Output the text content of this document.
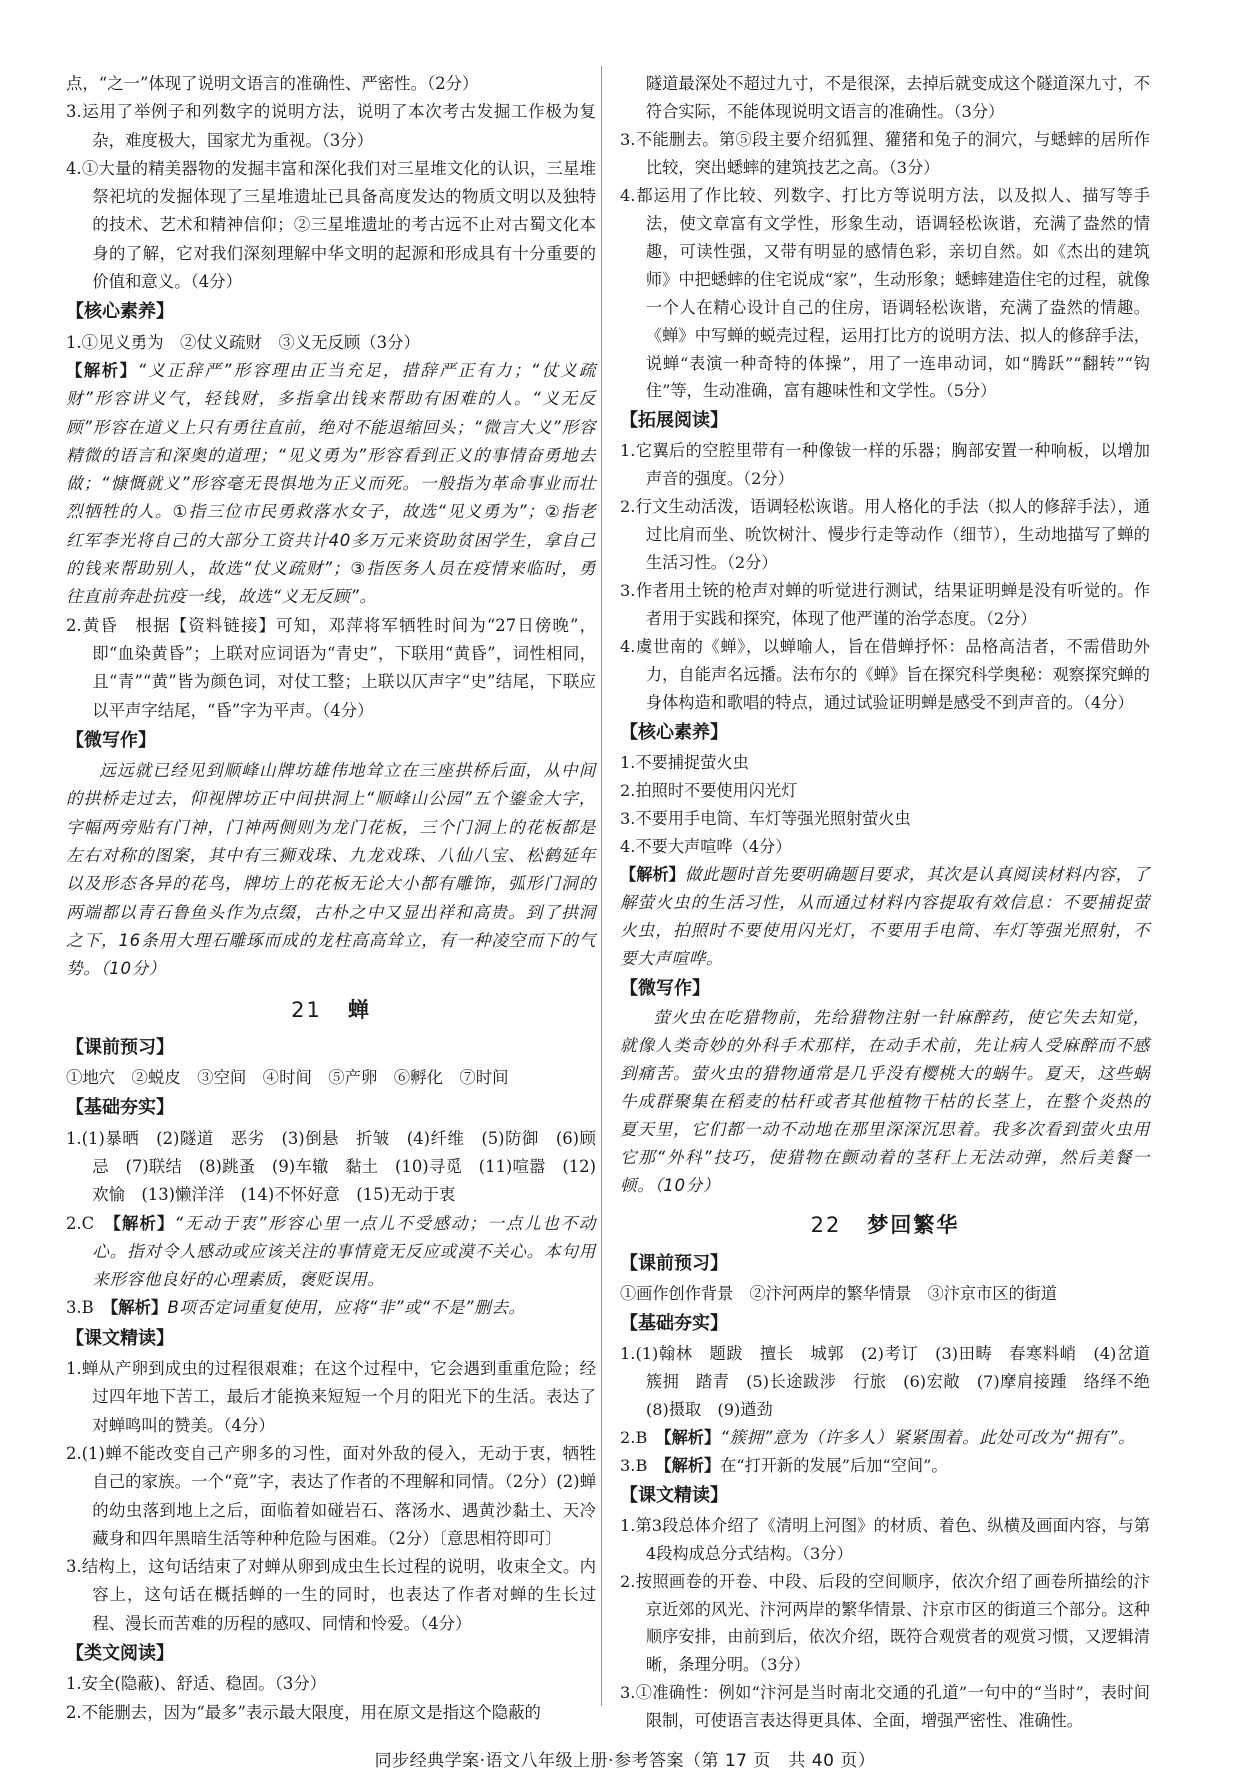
点，“之一”体现了说明文语言的准确性、严密性。（2分）

3.运用了举例子和列数字的说明方法，说明了本次考古发掘工作极为复杂，难度极大，国家尤为重视。（3分）

4.①大量的精美器物的发掘丰富和深化我们对三星堆文化的认识，三星堆祭祀坑的发掘体现了三星堆遗址已具备高度发达的物质文明以及独特的技术、艺术和精神信仰；②三星堆遗址的考古远不止对古蜀文化本身的了解，它对我们深刻理解中华文明的起源和形成具有十分重要的价值和意义。（4分）

【核心素养】

1.①见义勇为　②仗义疏财　③义无反顾（3分）

【解析】“义正辞严”形容理由正当充足，措辞严正有力；“仗义疏财”形容讲义气，轻钱财，多指拿出钱来帮助有困难的人。“义无反顾”形容在道义上只有勇往直前，绝对不能退缩回头；“微言大义”形容精微的语言和深奥的道理；“见义勇为”形容看到正义的事情奋勇地去做；“慷慨就义”形容毫无畏惧地为正义而死。一般指为革命事业而壮烈牺牲的人。①指三位市民勇救落水女子，故选“见义勇为”；②指老红军李光将自己的大部分工资共计40多万元来资助贫困学生，拿自己的钱来帮助别人，故选“仗义疏财”；③指医务人员在疫情来临时，勇往直前奔赴抗疫一线，故选“义无反顾”。

2.黄昏　根据【资料链接】可知，邓萍将军牺牲时间为“27日傍晚”，即“血染黄昏”；上联对应词语为“青史”，下联用“黄昏”，词性相同，且“青”“黄”皆为颜色词，对仗工整；上联以仄声字“史”结尾，下联应以平声字结尾，“昏”字为平声。（4分）

【微写作】

远远就已经见到顺峰山牌坊雄伟地耸立在三座拱桥后面，从中间的拱桥走过去，仰视牌坊正中间拱洞上“顺峰山公园”五个鎏金大字，字幅两旁贴有门神，门神两侧则为龙门花板，三个门洞上的花板都是左右对称的图案，其中有三狮戏珠、九龙戏珠、八仙八宝、松鹤延年以及形态各异的花鸟，牌坊上的花板无论大小都有雕饰，弧形门洞的两端都以青石鲁鱼头作为点缀，古朴之中又显出祥和高贵。到了拱洞之下，16条用大理石雕琢而成的龙柱高高耸立，有一种凌空而下的气势。（10分）

21 蝉
【课前预习】

①地穴　②蜕皮　③空间　④时间　⑤产卵　⑥孵化　⑦时间

【基础夯实】

1.(1)暴晒　(2)隧道　恶劣　(3)倒悬　折皱　(4)纤维　(5)防御　(6)顾忌　(7)联结　(8)跳蚤　(9)车辙　黏土　(10)寻觅　(11)喧嚣　(12)欢愉　(13)懒洋洋　(14)不怀好意　(15)无动于衷

2.C　【解析】“无动于衷”形容心里一点儿不受感动；一点儿也不动心。指对令人感动或应该关注的事情竟无反应或漠不关心。本句用来形容他良好的心理素质，褒贬误用。

3.B　【解析】B项否定词重复使用，应将“非”或“不是”删去。

【课文精读】

1.蝉从产卵到成虫的过程很艰难；在这个过程中，它会遇到重重危险；经过四年地下苦工，最后才能换来短短一个月的阳光下的生活。表达了对蝉鸣叫的赞美。（4分）

2.(1)蝉不能改变自己产卵多的习性，面对外敌的侵入，无动于衷，牺牲自己的家族。一个“竟”字，表达了作者的不理解和同情。（2分）(2)蝉的幼虫落到地上之后，面临着如碰岩石、落汤水、遇黄沙黏土、天冷藏身和四年黑暗生活等种种危险与困难。（2分）〔意思相符即可〕

3.结构上，这句话结束了对蝉从卵到成虫生长过程的说明，收束全文。内容上，这句话在概括蝉的一生的同时，也表达了作者对蝉的生长过程、漫长而苦难的历程的感叹、同情和怜爱。（4分）

【类文阅读】

1.安全(隐蔽)、舒适、稳固。（3分）

2.不能删去，因为“最多”表示最大限度，用在原文是指这个隐蔽的

隧道最深处不超过九寸，不是很深，去掉后就变成这个隧道深九寸，不符合实际，不能体现说明文语言的准确性。（3分）

3.不能删去。第⑤段主要介绍狐狸、獾猪和兔子的洞穴，与蟋蟀的居所作比较，突出蟋蟀的建筑技艺之高。（3分）

4.都运用了作比较、列数字、打比方等说明方法，以及拟人、描写等手法，使文章富有文学性，形象生动，语调轻松诙谐，充满了盎然的情趣，可读性强，又带有明显的感情色彩，亲切自然。如《杰出的建筑师》中把蟋蟀的住宅说成“家”，生动形象；蟋蟀建造住宅的过程，就像一个人在精心设计自己的住房，语调轻松诙谐，充满了盎然的情趣。《蝉》中写蝉的蜕壳过程，运用打比方的说明方法、拟人的修辞手法，说蝉“表演一种奇特的体操”，用了一连串动词，如“腾跃”“翻转”“钩住”等，生动准确，富有趣味性和文学性。（5分）

【拓展阅读】

1.它翼后的空腔里带有一种像钹一样的乐器；胸部安置一种响板，以增加声音的强度。（2分）

2.行文生动活泼，语调轻松诙谐。用人格化的手法（拟人的修辞手法），通过比肩而坐、吮饮树汁、慢步行走等动作（细节），生动地描写了蝉的生活习性。（2分）

3.作者用土铳的枪声对蝉的听觉进行测试，结果证明蝉是没有听觉的。作者用于实践和探究，体现了他严谨的治学态度。（2分）

4.虞世南的《蝉》，以蝉喻人，旨在借蝉抒怀：品格高洁者，不需借助外力，自能声名远播。法布尔的《蝉》旨在探究科学奥秘：观察探究蝉的身体构造和歌唱的特点，通过试验证明蝉是感受不到声音的。（4分）

【核心素养】

1.不要捕捉萤火虫

2.拍照时不要使用闪光灯

3.不要用手电筒、车灯等强光照射萤火虫

4.不要大声喧哗（4分）

【解析】做此题时首先要明确题目要求，其次是认真阅读材料内容，了解萤火虫的生活习性，从而通过材料内容提取有效信息：不要捕捉萤火虫，拍照时不要使用闪光灯，不要用手电筒、车灯等强光照射，不要大声喧哗。

【微写作】

萤火虫在吃猎物前，先给猎物注射一针麻醉药，使它失去知觉，就像人类奇妙的外科手术那样，在动手术前，先让病人受麻醉而不感到痛苦。萤火虫的猎物通常是几乎没有樱桃大的蜗牛。夏天，这些蜗牛成群聚集在稻麦的枯秆或者其他植物干枯的长茎上，在整个炎热的夏天里，它们都一动不动地在那里深深沉思着。我多次看到萤火虫用它那“外科”技巧，使猎物在颤动着的茎秆上无法动弹，然后美餐一顿。（10分）

22 梦回繁华
【课前预习】

①画作创作背景　②汴河两岸的繁华情景　③汴京市区的街道

【基础夯实】

1.(1)翰林　题跋　擅长　城郭　(2)考订　(3)田畴　春寒料峭　(4)岔道　簇拥　踏青　(5)长途跋涉　行旅　(6)宏敞　(7)摩肩接踵　络绎不绝　(8)摄取　(9)遒劲

2.B　【解析】“簇拥”意为（许多人）紧紧围着。此处可改为“拥有”。

3.B　【解析】在“打开新的发展”后加“空间”。

【课文精读】

1.第3段总体介绍了《清明上河图》的材质、着色、纵横及画面内容，与第4段构成总分式结构。（3分）

2.按照画卷的开卷、中段、后段的空间顺序，依次介绍了画卷所描绘的汴京近郊的风光、汴河两岸的繁华情景、汴京市区的街道三个部分。这种顺序安排，由前到后，依次介绍，既符合观赏者的观赏习惯，又逻辑清晰，条理分明。（3分）

3.①准确性：例如“汴河是当时南北交通的孔道”一句中的“当时”，表时间限制，可使语言表达得更具体、全面，增强严密性、准确性。

同步经典学案·语文八年级上册·参考答案（第 17 页　共 40 页）
